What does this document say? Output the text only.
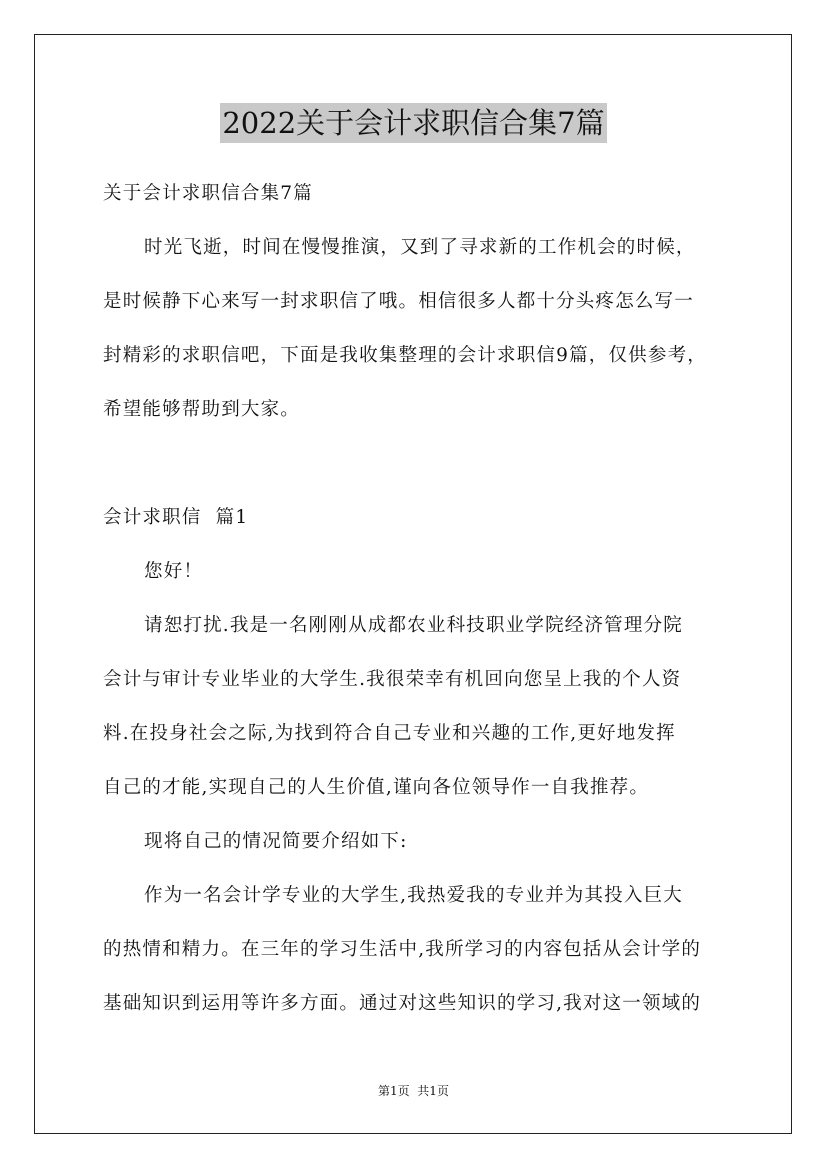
2022关于会计求职信合集7篇
关于会计求职信合集7篇
时光飞逝，时间在慢慢推演，又到了寻求新的工作机会的时候，
是时候静下心来写一封求职信了哦。相信很多人都十分头疼怎么写一
封精彩的求职信吧，下面是我收集整理的会计求职信9篇，仅供参考，
希望能够帮助到大家。
会计求职信  篇1
您好！
请恕打扰.我是一名刚刚从成都农业科技职业学院经济管理分院
会计与审计专业毕业的大学生.我很荣幸有机回向您呈上我的个人资
料.在投身社会之际,为找到符合自己专业和兴趣的工作,更好地发挥
自己的才能,实现自己的人生价值,谨向各位领导作一自我推荐。
现将自己的情况简要介绍如下:
作为一名会计学专业的大学生,我热爱我的专业并为其投入巨大
的热情和精力。在三年的学习生活中,我所学习的内容包括从会计学的
基础知识到运用等许多方面。通过对这些知识的学习,我对这一领域的
第1页  共1页
